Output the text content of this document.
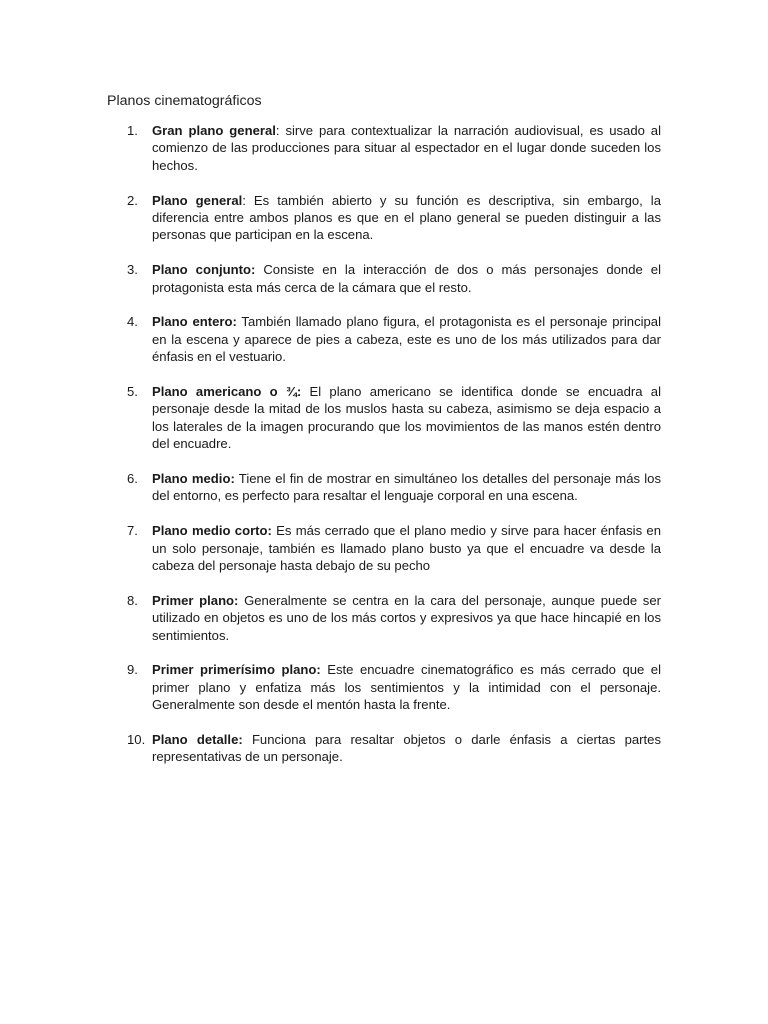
Planos cinematográficos
1. Gran plano general: sirve para contextualizar la narración audiovisual, es usado al comienzo de las producciones para situar al espectador en el lugar donde suceden los hechos.
2. Plano general: Es también abierto y su función es descriptiva, sin embargo, la diferencia entre ambos planos es que en el plano general se pueden distinguir a las personas que participan en la escena.
3. Plano conjunto: Consiste en la interacción de dos o más personajes donde el protagonista esta más cerca de la cámara que el resto.
4. Plano entero: También llamado plano figura, el protagonista es el personaje principal en la escena y aparece de pies a cabeza, este es uno de los más utilizados para dar énfasis en el vestuario.
5. Plano americano o ¾: El plano americano se identifica donde se encuadra al personaje desde la mitad de los muslos hasta su cabeza, asimismo se deja espacio a los laterales de la imagen procurando que los movimientos de las manos estén dentro del encuadre.
6. Plano medio: Tiene el fin de mostrar en simultáneo los detalles del personaje más los del entorno, es perfecto para resaltar el lenguaje corporal en una escena.
7. Plano medio corto: Es más cerrado que el plano medio y sirve para hacer énfasis en un solo personaje, también es llamado plano busto ya que el encuadre va desde la cabeza del personaje hasta debajo de su pecho
8. Primer plano: Generalmente se centra en la cara del personaje, aunque puede ser utilizado en objetos es uno de los más cortos y expresivos ya que hace hincapié en los sentimientos.
9. Primer primerísimo plano: Este encuadre cinematográfico es más cerrado que el primer plano y enfatiza más los sentimientos y la intimidad con el personaje. Generalmente son desde el mentón hasta la frente.
10. Plano detalle: Funciona para resaltar objetos o darle énfasis a ciertas partes representativas de un personaje.
